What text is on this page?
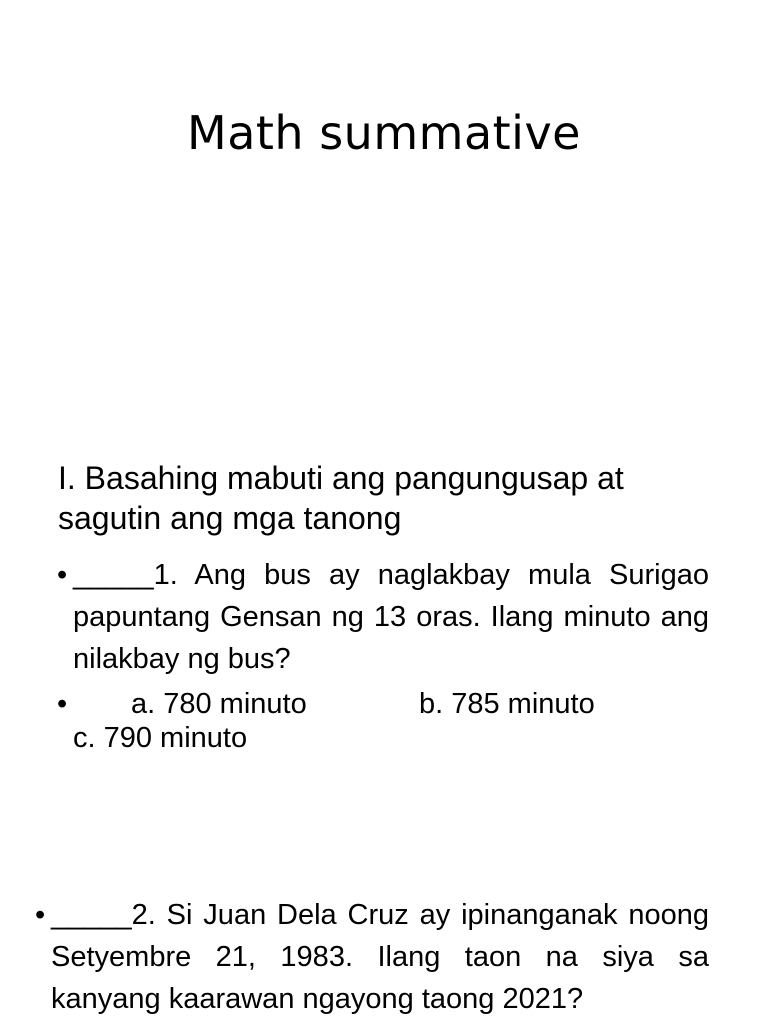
Math summative
I. Basahing mabuti ang pangungusap at sagutin ang mga tanong
• _____1. Ang bus ay naglakbay mula Surigao papuntang Gensan ng 13 oras. Ilang minuto ang nilakbay ng bus?
• a. 780 minuto	b. 785 minuto
c. 790 minuto
• _____2. Si Juan Dela Cruz ay ipinanganak noong Setyembre 21, 1983. Ilang taon na siya sa kanyang kaarawan ngayong taong 2021?
